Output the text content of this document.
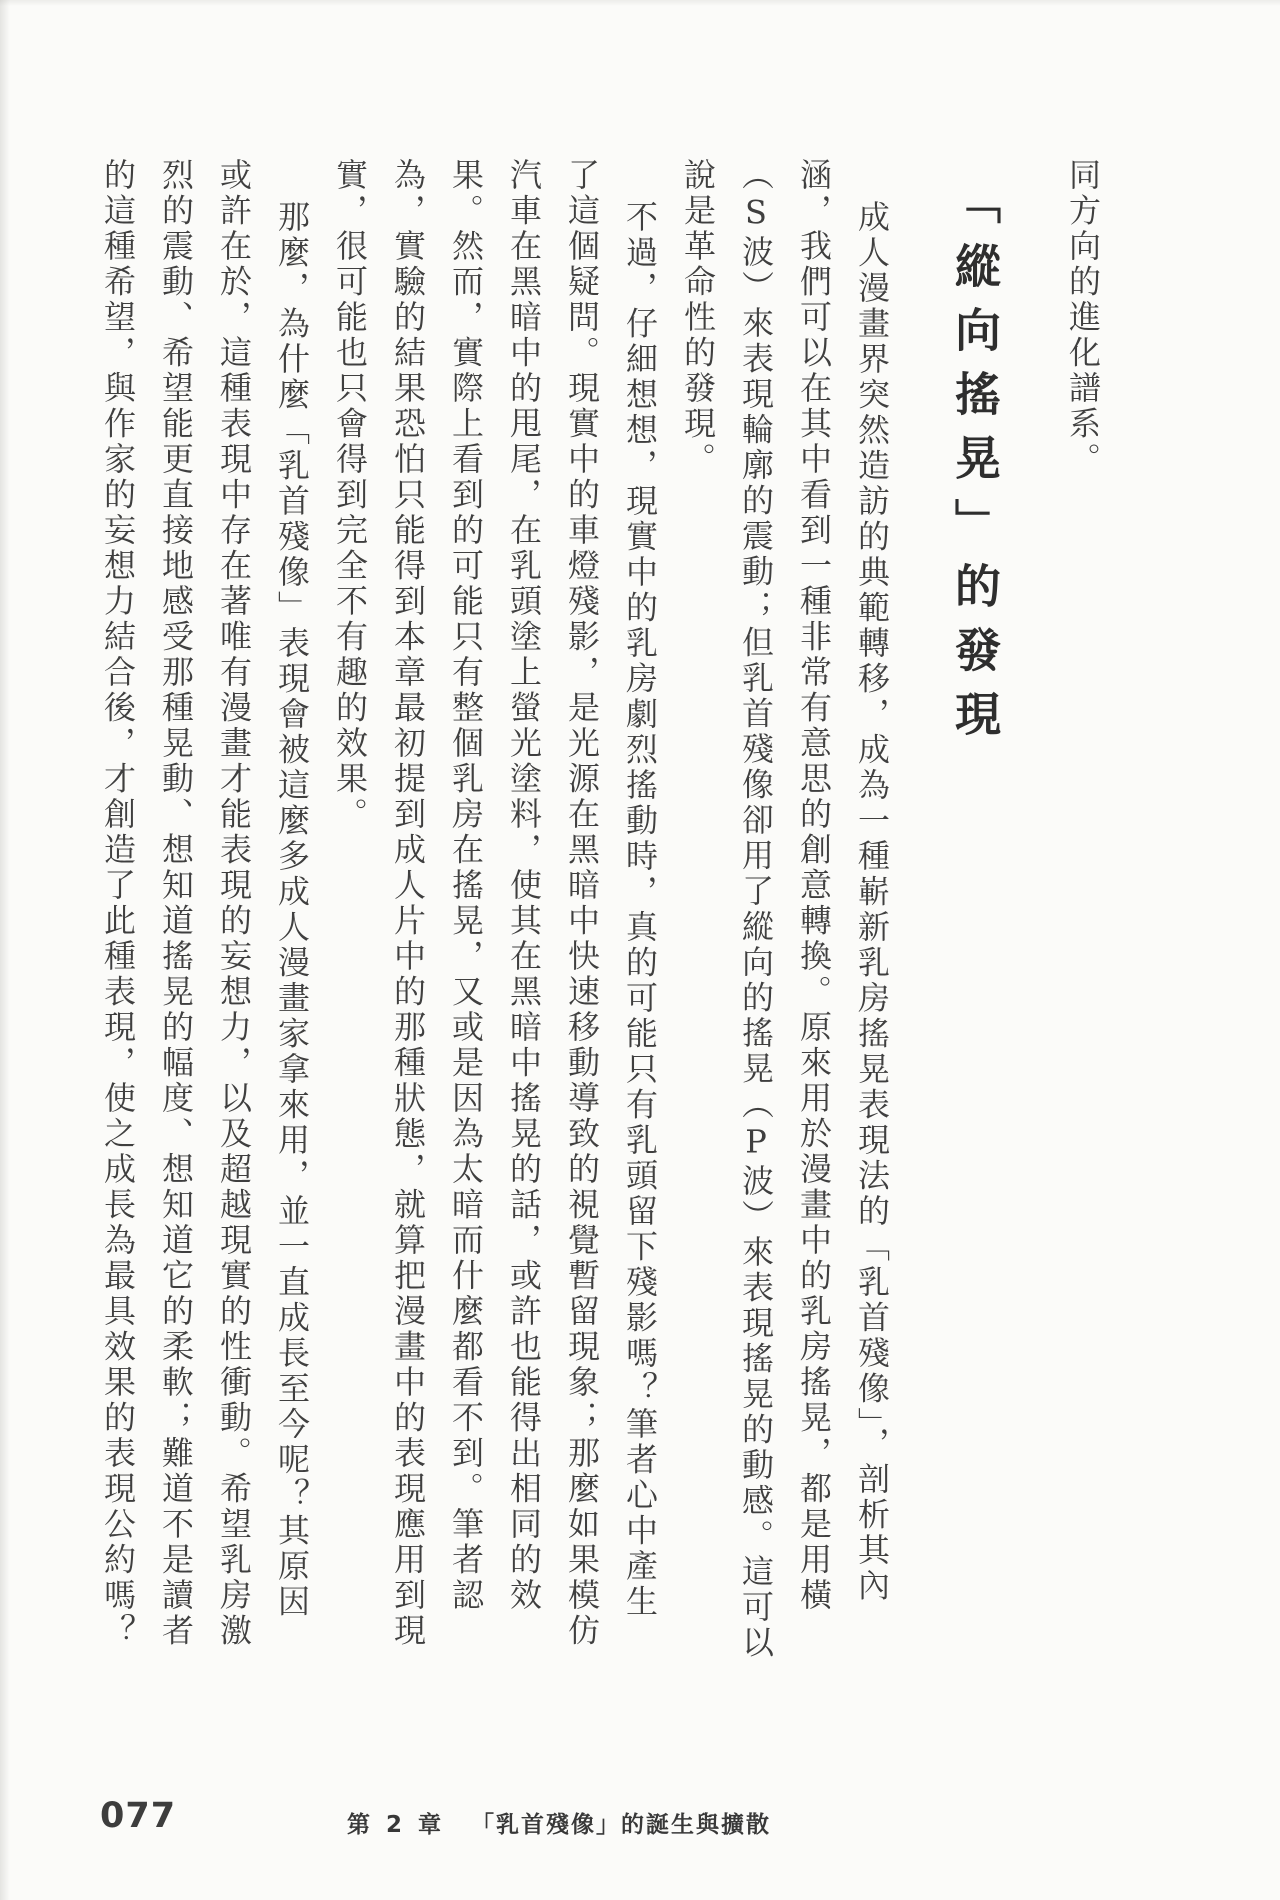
同方向的進化譜系。

「縱向搖晃」的發現
成人漫畫界突然造訪的典範轉移，成為一種嶄新乳房搖晃表現法的「乳首殘像」，剖析其內
涵，我們可以在其中看到一種非常有意思的創意轉換。原來用於漫畫中的乳房搖晃，都是用橫
（S波）來表現輪廓的震動；但乳首殘像卻用了縱向的搖晃（P波）來表現搖晃的動感。這可以
說是革命性的發現。

不過，仔細想想，現實中的乳房劇烈搖動時，真的可能只有乳頭留下殘影嗎？筆者心中產生
了這個疑問。現實中的車燈殘影，是光源在黑暗中快速移動導致的視覺暫留現象；那麼如果模仿
汽車在黑暗中的甩尾，在乳頭塗上螢光塗料，使其在黑暗中搖晃的話，或許也能得出相同的效
果。然而，實際上看到的可能只有整個乳房在搖晃，又或是因為太暗而什麼都看不到。筆者認
為，實驗的結果恐怕只能得到本章最初提到成人片中的那種狀態，就算把漫畫中的表現應用到現
實，很可能也只會得到完全不有趣的效果。

那麼，為什麼「乳首殘像」表現會被這麼多成人漫畫家拿來用，並一直成長至今呢？其原因
或許在於，這種表現中存在著唯有漫畫才能表現的妄想力，以及超越現實的性衝動。希望乳房激
烈的震動、希望能更直接地感受那種晃動、想知道搖晃的幅度、想知道它的柔軟；難道不是讀者
的這種希望，與作家的妄想力結合後，才創造了此種表現，使之成長為最具效果的表現公約嗎？
077	第 2 章 「乳首殘像」的誕生與擴散
